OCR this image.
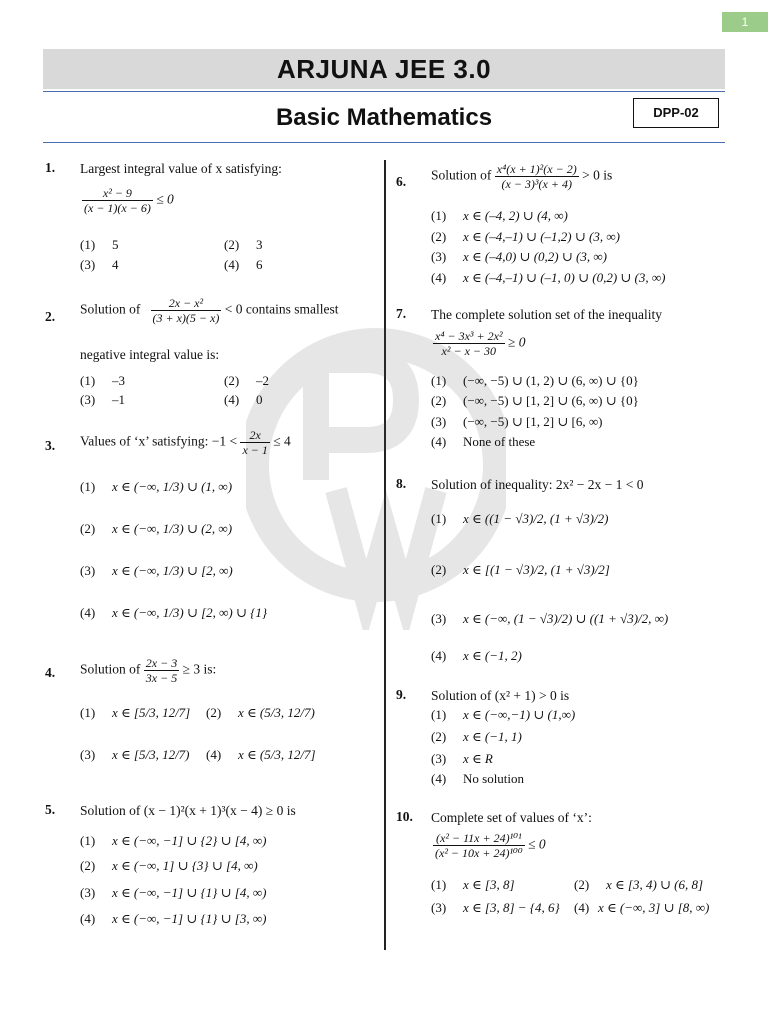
1
ARJUNA JEE 3.0
Basic Mathematics	DPP-02
1. Largest integral value of x satisfying:
$\frac{\text{x² − 9}}{(x - 1)(x - 6)} \le 0$
(1) 5	(2) 3
(3) 4	(4) 6
2. Solution of $\frac{\text{2x − x²}}{(3 + x)(5 - x)} < 0$ contains smallest
negative integral value is:
(1) –3	(2) –2
(3) –1	(4) 0
3. Values of ‘x’ satisfying: $-1 < \frac{2x}{x - 1} \le 4$
(1) x ∈ (−∞, 1/3) ∪ (1, ∞)
(2) x ∈ (−∞, 1/3) ∪ (2, ∞)
(3) x ∈ (−∞, 1/3) ∪ [2, ∞)
(4) x ∈ (−∞, 1/3) ∪ [2, ∞) ∪ {1}
4. Solution of $\frac{2x - 3}{3x - 5} \ge 3$ is:
(1) x ∈ [5/3, 12/7] (2) x ∈ (5/3, 12/7)
(3) x ∈ [5/3, 12/7) (4) x ∈ (5/3, 12/7]
5. Solution of (x − 1)²(x + 1)³(x − 4) ≥ 0 is
(1) x ∈ (−∞, −1] ∪ {2} ∪ [4, ∞)
(2) x ∈ (−∞, 1] ∪ {3} ∪ [4, ∞)
(3) x ∈ (−∞, −1] ∪ {1} ∪ [4, ∞)
(4) x ∈ (−∞, −1] ∪ {1} ∪ [3, ∞)
6. Solution of $\frac{\text{x⁴(x + 1)²(x − 2)}}{\text{(x − 3)³(x + 4)}} > 0$ is
(1) x ∈ (–4, 2) ∪ (4, ∞)
(2) x ∈ (–4,–1) ∪ (–1,2) ∪ (3, ∞)
(3) x ∈ (–4,0) ∪ (0,2) ∪ (3, ∞)
(4) x ∈ (–4,–1) ∪ (–1, 0) ∪ (0,2) ∪ (3, ∞)
7. The complete solution set of the inequality
$\frac{\text{x⁴ − 3x³ + 2x²}}{\text{x² − x − 30}} \ge 0$
(1) (−∞, −5) ∪ (1, 2) ∪ (6, ∞) ∪ {0}
(2) (−∞, −5) ∪ [1, 2] ∪ (6, ∞) ∪ {0}
(3) (−∞, −5) ∪ [1, 2] ∪ [6, ∞)
(4) None of these
8. Solution of inequality: 2x² − 2x − 1 < 0
(1) x ∈ ((1 − √3)/2, (1 + √3)/2)
(2) x ∈ [(1 − √3)/2, (1 + √3)/2]
(3) x ∈ (−∞, (1 − √3)/2) ∪ ((1 + √3)/2, ∞)
(4) x ∈ (−1, 2)
9. Solution of (x² + 1) > 0 is
(1) x ∈ (−∞,−1) ∪ (1,∞)
(2) x ∈ (−1, 1)
(3) x ∈ R
(4) No solution
10. Complete set of values of ‘x’:
$\frac{\text{(x² − 11x + 24)¹⁰¹}}{\text{(x² − 10x + 24)¹⁰⁰}} \le 0$
(1) x ∈ [3, 8]	(2) x ∈ [3, 4) ∪ (6, 8]
(3) x ∈ [3, 8] − {4, 6} (4) x ∈ (−∞, 3] ∪ [8, ∞)
